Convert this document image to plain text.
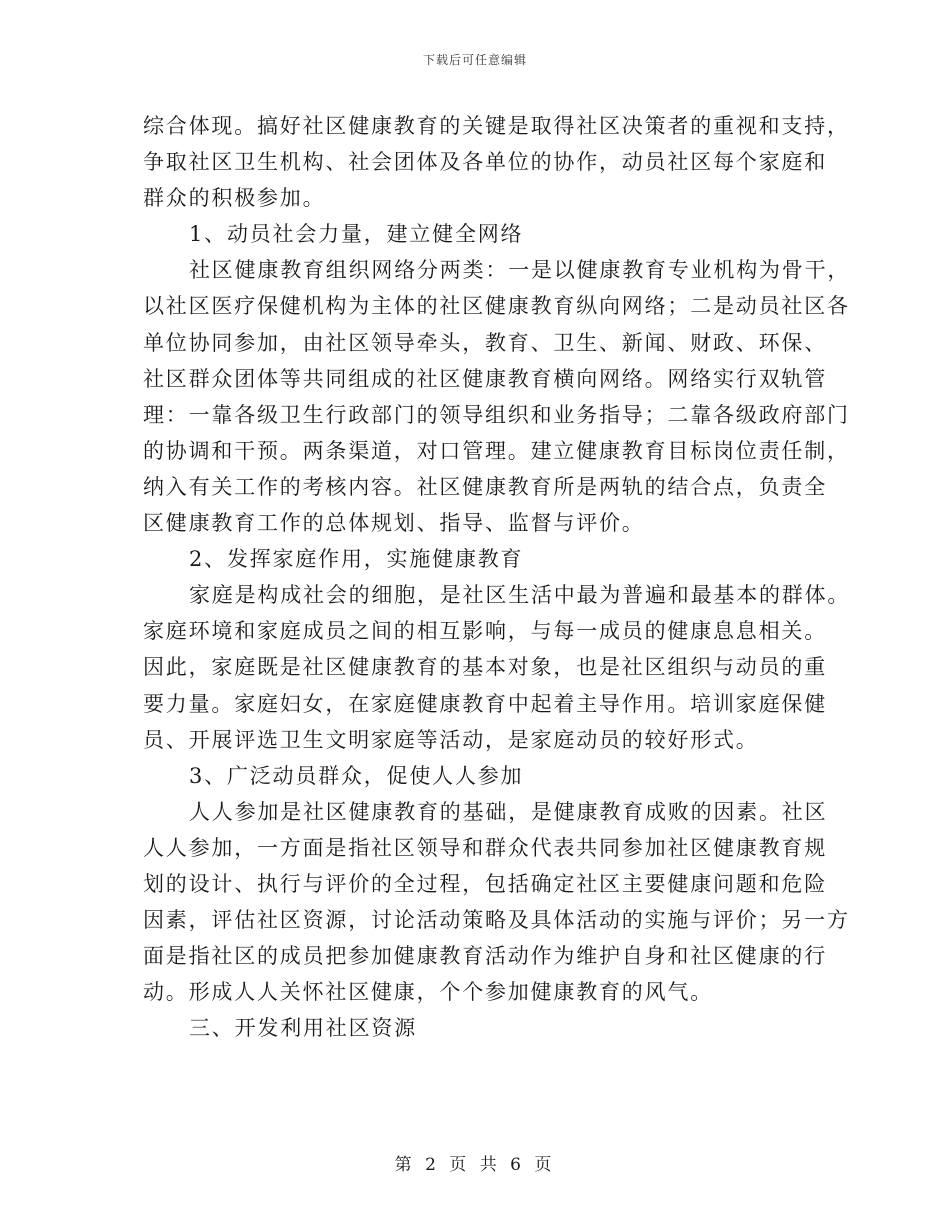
下载后可任意编辑
综合体现。搞好社区健康教育的关键是取得社区决策者的重视和支持，
争取社区卫生机构、社会团体及各单位的协作，动员社区每个家庭和
群众的积极参加。
1、动员社会力量，建立健全网络
社区健康教育组织网络分两类：一是以健康教育专业机构为骨干，
以社区医疗保健机构为主体的社区健康教育纵向网络；二是动员社区各
单位协同参加，由社区领导牵头，教育、卫生、新闻、财政、环保、
社区群众团体等共同组成的社区健康教育横向网络。网络实行双轨管
理：一靠各级卫生行政部门的领导组织和业务指导；二靠各级政府部门
的协调和干预。两条渠道，对口管理。建立健康教育目标岗位责任制，
纳入有关工作的考核内容。社区健康教育所是两轨的结合点，负责全
区健康教育工作的总体规划、指导、监督与评价。
2、发挥家庭作用，实施健康教育
家庭是构成社会的细胞，是社区生活中最为普遍和最基本的群体。
家庭环境和家庭成员之间的相互影响，与每一成员的健康息息相关。
因此，家庭既是社区健康教育的基本对象，也是社区组织与动员的重
要力量。家庭妇女，在家庭健康教育中起着主导作用。培训家庭保健
员、开展评选卫生文明家庭等活动，是家庭动员的较好形式。
3、广泛动员群众，促使人人参加
人人参加是社区健康教育的基础，是健康教育成败的因素。社区
人人参加，一方面是指社区领导和群众代表共同参加社区健康教育规
划的设计、执行与评价的全过程，包括确定社区主要健康问题和危险
因素，评估社区资源，讨论活动策略及具体活动的实施与评价；另一方
面是指社区的成员把参加健康教育活动作为维护自身和社区健康的行
动。形成人人关怀社区健康，个个参加健康教育的风气。
三、开发利用社区资源
第 2 页 共 6 页
